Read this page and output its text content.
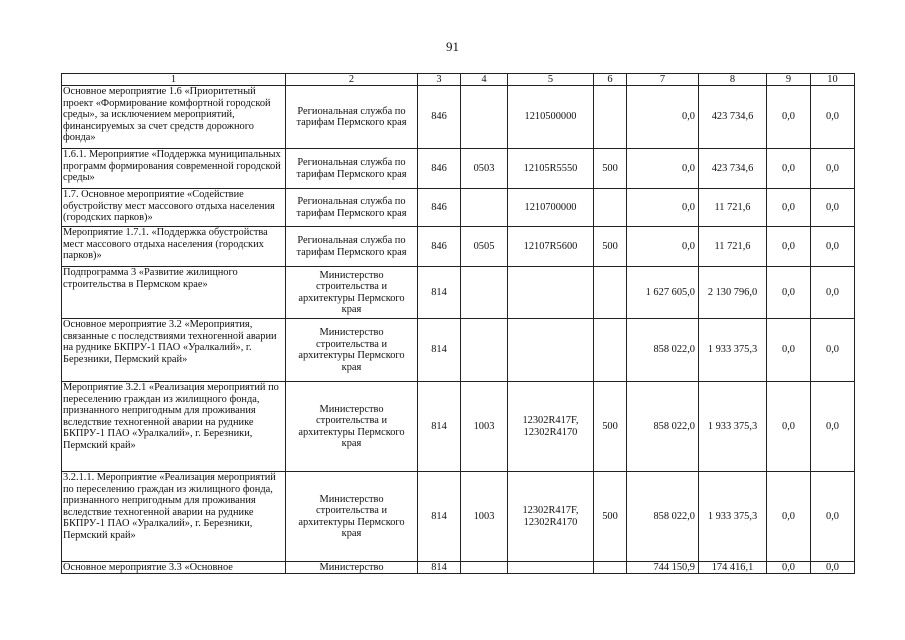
91
1	2	3	4	5	6	7	8	9	10
Основное мероприятие 1.6 «Приоритетный проект «Формирование комфортной городской среды», за исключением мероприятий, финансируемых за счет средств дорожного фонда»	Региональная служба по тарифам Пермского края	846		1210500000		0,0	423 734,6	0,0	0,0
1.6.1. Мероприятие «Поддержка муниципальных программ формирования современной городской среды»	Региональная служба по тарифам Пермского края	846	0503	12105R5550	500	0,0	423 734,6	0,0	0,0
1.7. Основное мероприятие «Содействие обустройству мест массового отдыха населения (городских парков)»	Региональная служба по тарифам Пермского края	846		1210700000		0,0	11 721,6	0,0	0,0
Мероприятие 1.7.1. «Поддержка обустройства мест массового отдыха населения (городских парков)»	Региональная служба по тарифам Пермского края	846	0505	12107R5600	500	0,0	11 721,6	0,0	0,0
Подпрограмма 3 «Развитие жилищного строительства в Пермском крае»	Министерство строительства и архитектуры Пермского края	814				1 627 605,0	2 130 796,0	0,0	0,0
Основное мероприятие 3.2 «Мероприятия, связанные с последствиями техногенной аварии на руднике БКПРУ-1 ПАО «Уралкалий», г. Березники, Пермский край»	Министерство строительства и архитектуры Пермского края	814				858 022,0	1 933 375,3	0,0	0,0
Мероприятие 3.2.1 «Реализация мероприятий по переселению граждан из жилищного фонда, признанного непригодным для проживания вследствие техногенной аварии на руднике БКПРУ-1 ПАО «Уралкалий», г. Березники, Пермский край»	Министерство строительства и архитектуры Пермского края	814	1003	12302R417F, 12302R4170	500	858 022,0	1 933 375,3	0,0	0,0
3.2.1.1. Мероприятие «Реализация мероприятий по переселению граждан из жилищного фонда, признанного непригодным для проживания вследствие техногенной аварии на руднике БКПРУ-1 ПАО «Уралкалий», г. Березники, Пермский край»	Министерство строительства и архитектуры Пермского края	814	1003	12302R417F, 12302R4170	500	858 022,0	1 933 375,3	0,0	0,0
Основное мероприятие 3.3 «Основное	Министерство	814				744 150,9	174 416,1	0,0	0,0
